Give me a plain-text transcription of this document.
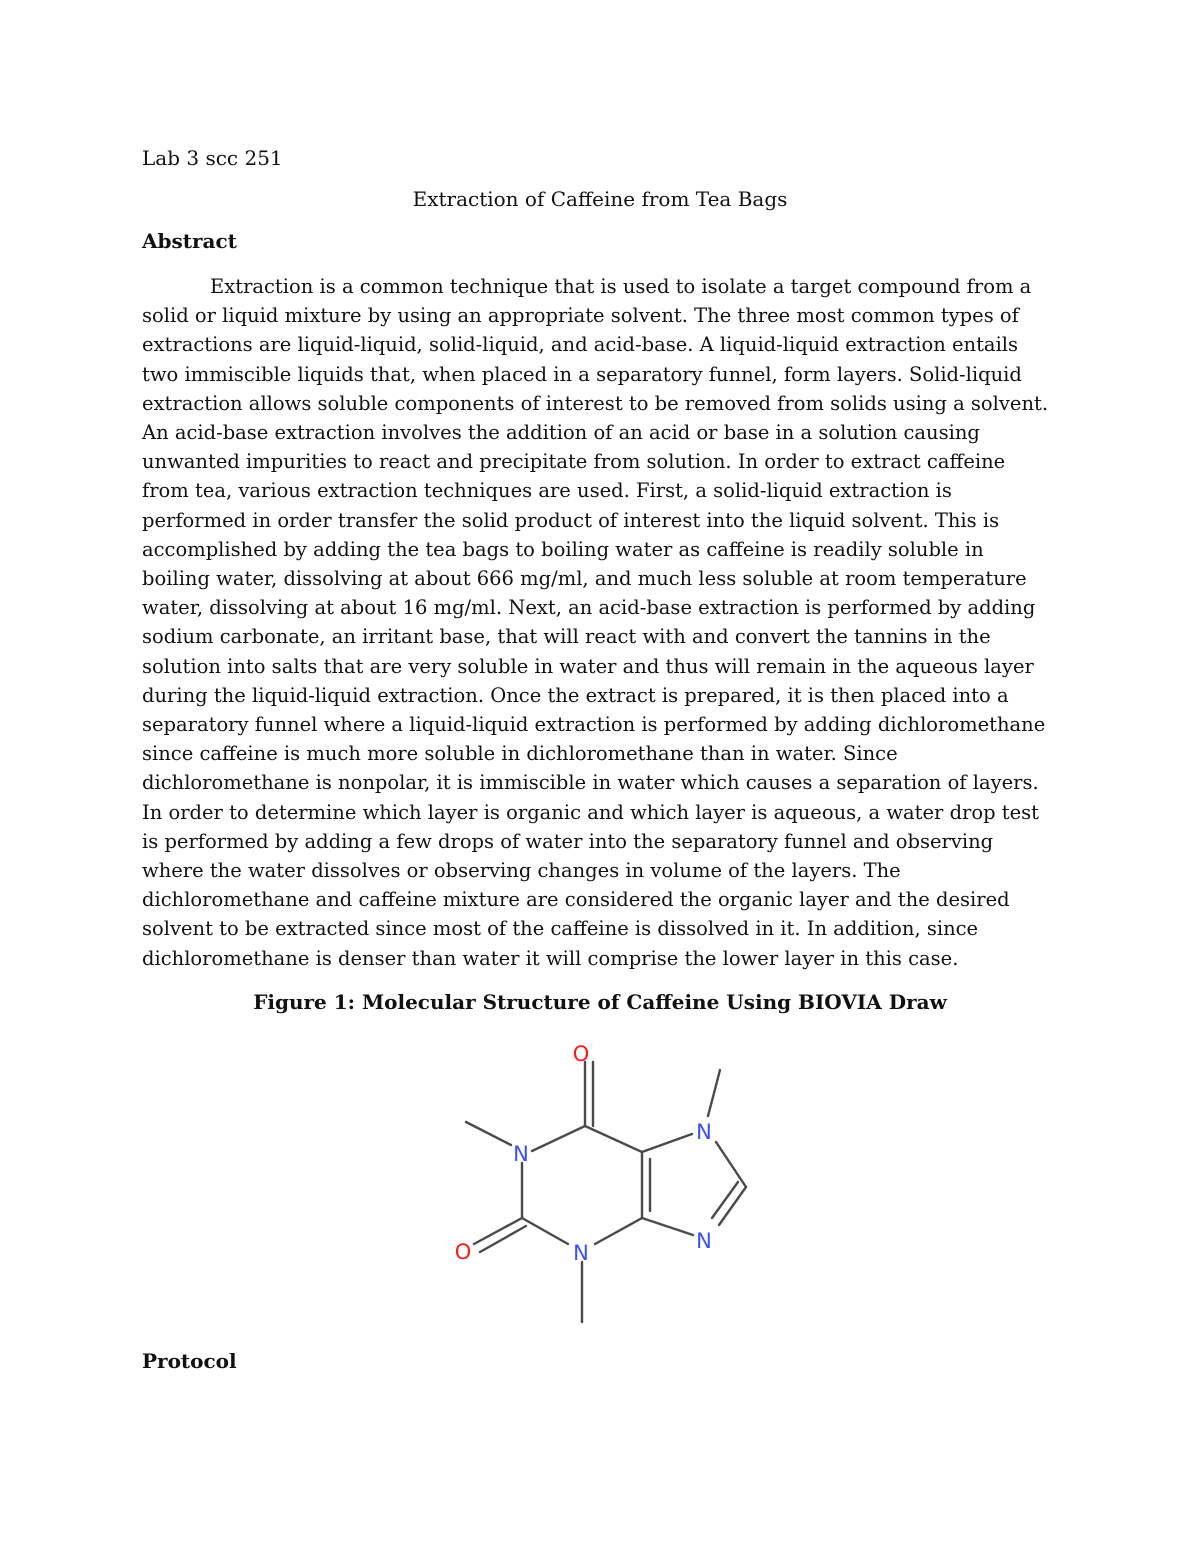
Lab 3 scc 251
Extraction of Caffeine from Tea Bags
Abstract

Extraction is a common technique that is used to isolate a target compound from a solid or liquid mixture by using an appropriate solvent. The three most common types of extractions are liquid-liquid, solid-liquid, and acid-base. A liquid-liquid extraction entails two immiscible liquids that, when placed in a separatory funnel, form layers. Solid-liquid extraction allows soluble components of interest to be removed from solids using a solvent. An acid-base extraction involves the addition of an acid or base in a solution causing unwanted impurities to react and precipitate from solution. In order to extract caffeine from tea, various extraction techniques are used. First, a solid-liquid extraction is performed in order transfer the solid product of interest into the liquid solvent. This is accomplished by adding the tea bags to boiling water as caffeine is readily soluble in boiling water, dissolving at about 666 mg/ml, and much less soluble at room temperature water, dissolving at about 16 mg/ml. Next, an acid-base extraction is performed by adding sodium carbonate, an irritant base, that will react with and convert the tannins in the solution into salts that are very soluble in water and thus will remain in the aqueous layer during the liquid-liquid extraction. Once the extract is prepared, it is then placed into a separatory funnel where a liquid-liquid extraction is performed by adding dichloromethane since caffeine is much more soluble in dichloromethane than in water. Since dichloromethane is nonpolar, it is immiscible in water which causes a separation of layers. In order to determine which layer is organic and which layer is aqueous, a water drop test is performed by adding a few drops of water into the separatory funnel and observing where the water dissolves or observing changes in volume of the layers. The dichloromethane and caffeine mixture are considered the organic layer and the desired solvent to be extracted since most of the caffeine is dissolved in it. In addition, since dichloromethane is denser than water it will comprise the lower layer in this case.

Figure 1: Molecular Structure of Caffeine Using BIOVIA Draw
O
O
N
N
N
N
Protocol
